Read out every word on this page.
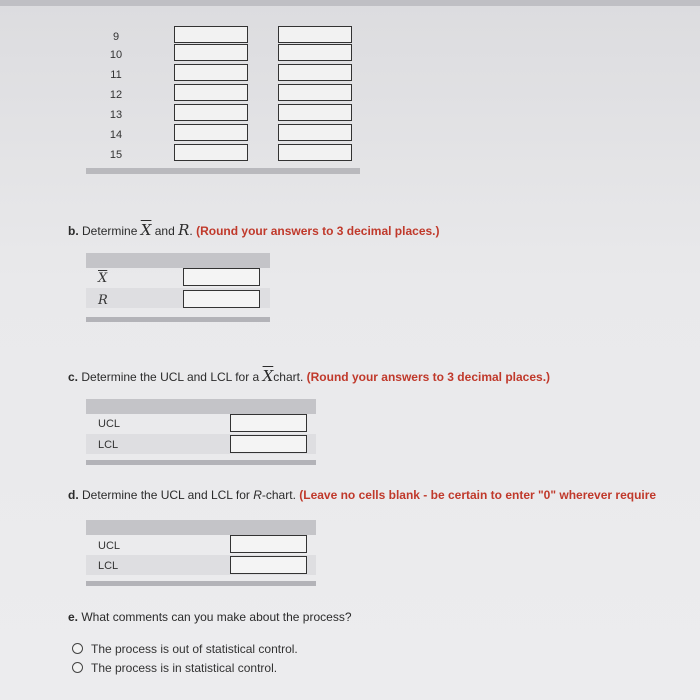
9
10
11
12
13
14
15
b. Determine $\overline{X}$ and R. (Round your answers to 3 decimal places.)
$\overline{X}$
R
c. Determine the UCL and LCL for a $\overline{X}chart$. (Round your answers to 3 decimal places.)
UCL
LCL
d. Determine the UCL and LCL for R-chart. (Leave no cells blank - be certain to enter "0" wherever require
UCL
LCL
e. What comments can you make about the process?
The process is out of statistical control.
The process is in statistical control.
